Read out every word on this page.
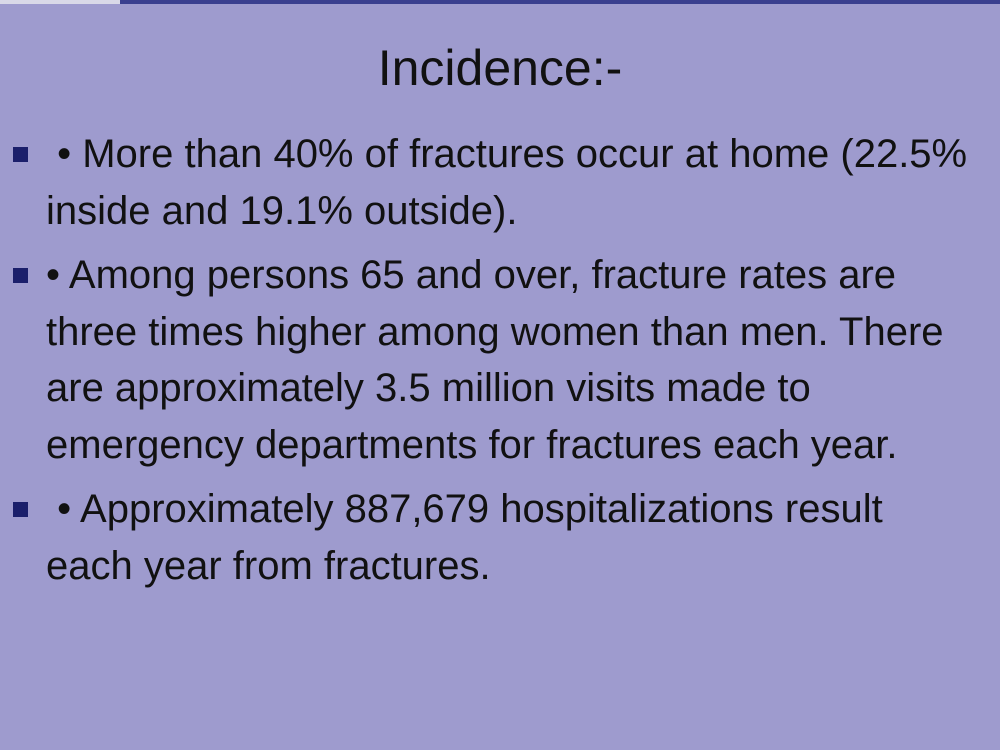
Incidence:-
• More than 40% of fractures occur at home (22.5% inside and 19.1% outside).
• Among persons 65 and over, fracture rates are three times higher among women than men. There are approximately 3.5 million visits made to emergency departments for fractures each year.
• Approximately 887,679 hospitalizations result each year from fractures.
